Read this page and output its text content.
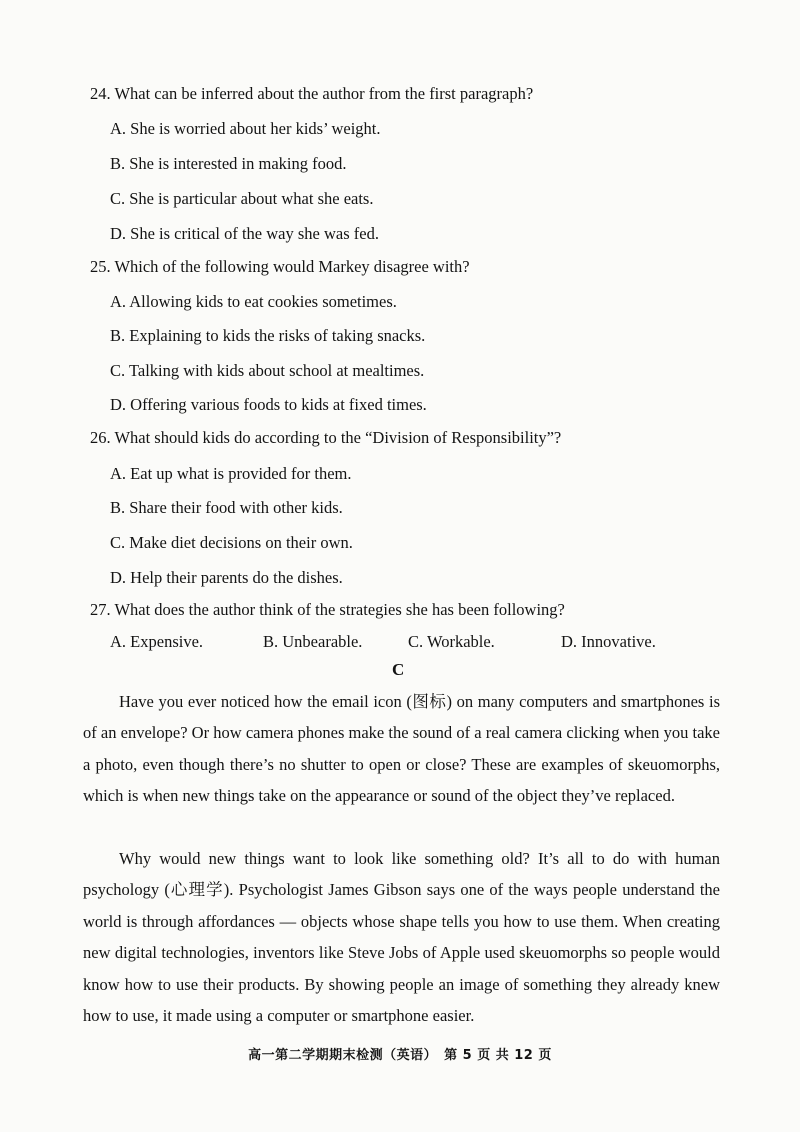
24. What can be inferred about the author from the first paragraph?
A. She is worried about her kids’ weight.
B. She is interested in making food.
C. She is particular about what she eats.
D. She is critical of the way she was fed.
25. Which of the following would Markey disagree with?
A. Allowing kids to eat cookies sometimes.
B. Explaining to kids the risks of taking snacks.
C. Talking with kids about school at mealtimes.
D. Offering various foods to kids at fixed times.
26. What should kids do according to the “Division of Responsibility”?
A. Eat up what is provided for them.
B. Share their food with other kids.
C. Make diet decisions on their own.
D. Help their parents do the dishes.
27. What does the author think of the strategies she has been following?
A. Expensive.	B. Unbearable.	C. Workable.	D. Innovative.
C

Have you ever noticed how the email icon (图标) on many computers and smartphones is of an envelope? Or how camera phones make the sound of a real camera clicking when you take a photo, even though there’s no shutter to open or close? These are examples of skeuomorphs, which is when new things take on the appearance or sound of the object they’ve replaced.

Why would new things want to look like something old? It’s all to do with human psychology (心理学). Psychologist James Gibson says one of the ways people understand the world is through affordances — objects whose shape tells you how to use them. When creating new digital technologies, inventors like Steve Jobs of Apple used skeuomorphs so people would know how to use their products. By showing people an image of something they already knew how to use, it made using a computer or smartphone easier.

高一第二学期期末检测（英语）　第 5 页 共 12 页
